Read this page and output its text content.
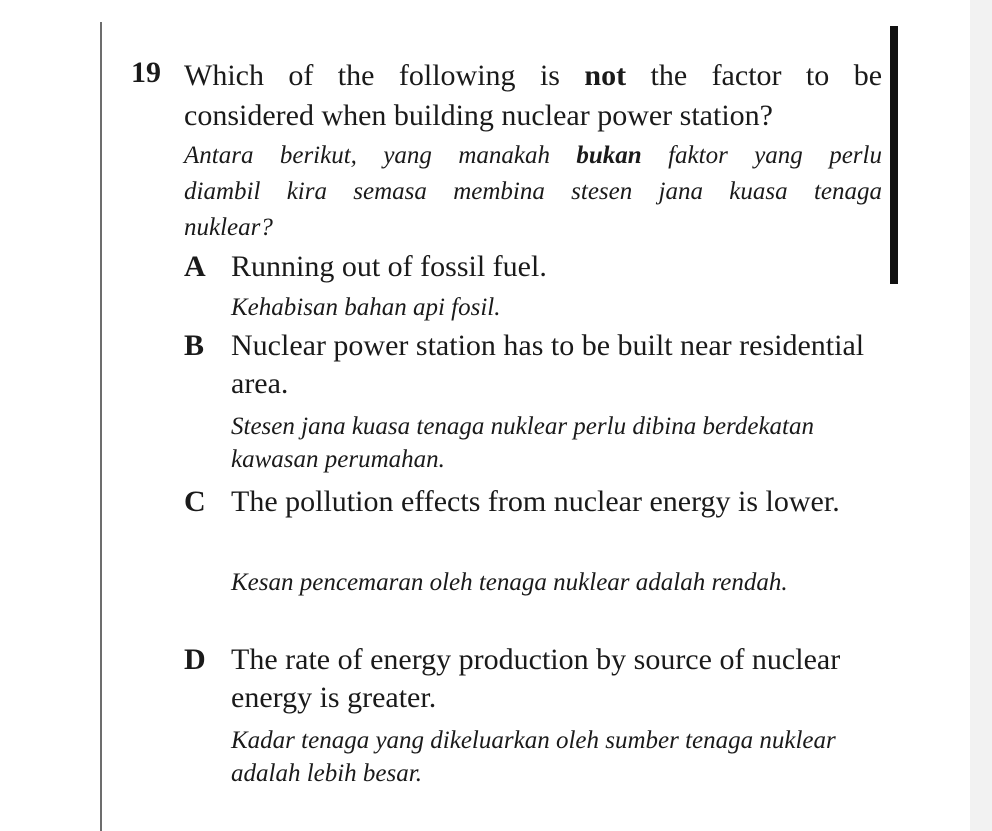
19 Which of the following is not the factor to be
considered when building nuclear power station?
Antara berikut, yang manakah bukan faktor yang perlu
diambil kira semasa membina stesen jana kuasa tenaga
nuklear?
A Running out of fossil fuel.
Kehabisan bahan api fosil.
B Nuclear power station has to be built near residential area.
Stesen jana kuasa tenaga nuklear perlu dibina berdekatan kawasan perumahan.
C The pollution effects from nuclear energy is lower.
Kesan pencemaran oleh tenaga nuklear adalah rendah.
D The rate of energy production by source of nuclear energy is greater.
Kadar tenaga yang dikeluarkan oleh sumber tenaga nuklear adalah lebih besar.
